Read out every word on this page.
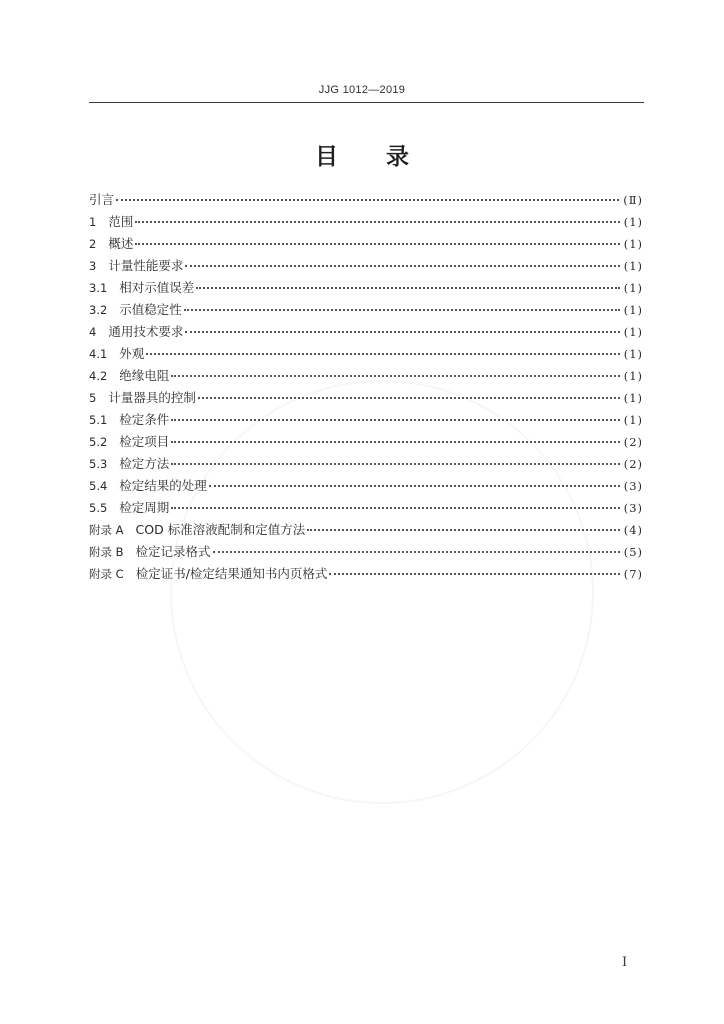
JJG 1012—2019
目 录
引言	(Ⅱ)
1 范围	(1)
2 概述	(1)
3 计量性能要求	(1)
3.1 相对示值误差	(1)
3.2 示值稳定性	(1)
4 通用技术要求	(1)
4.1 外观	(1)
4.2 绝缘电阻	(1)
5 计量器具的控制	(1)
5.1 检定条件	(1)
5.2 检定项目	(2)
5.3 检定方法	(2)
5.4 检定结果的处理	(3)
5.5 检定周期	(3)
附录 A COD 标准溶液配制和定值方法	(4)
附录 B 检定记录格式	(5)
附录 C 检定证书/检定结果通知书内页格式	(7)
I
